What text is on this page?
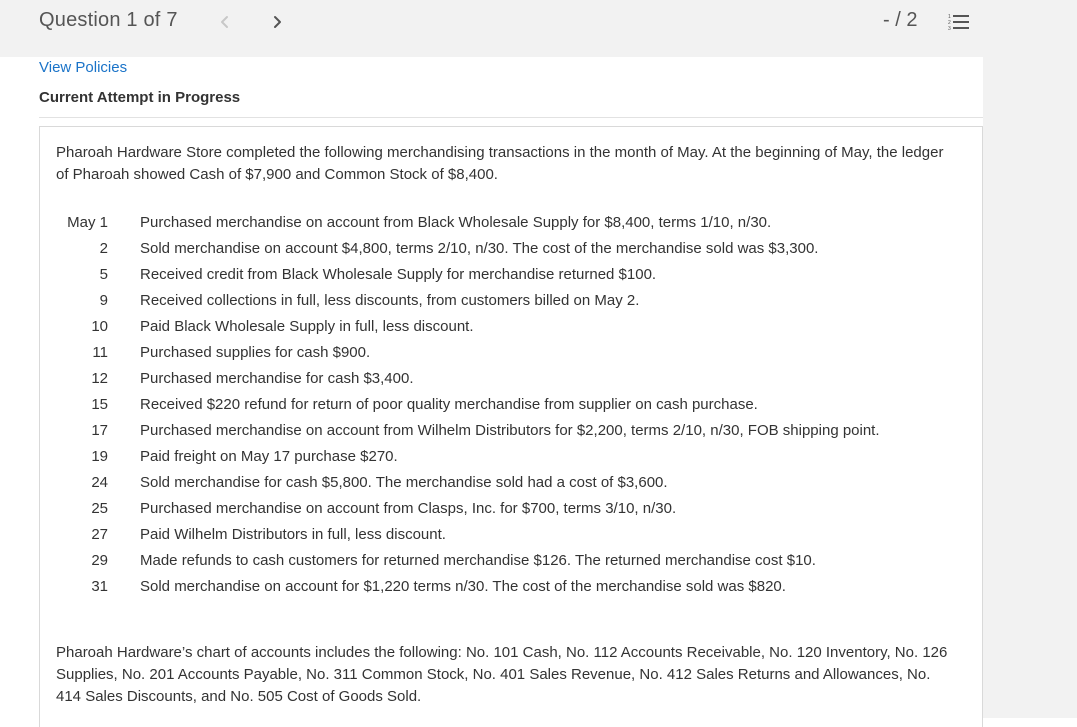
Question 1 of 7	- / 2	1
2
3
View Policies
Current Attempt in Progress
Pharoah Hardware Store completed the following merchandising transactions in the month of May. At the beginning of May, the ledger of Pharoah showed Cash of $7,900 and Common Stock of $8,400.
May 1	Purchased merchandise on account from Black Wholesale Supply for $8,400, terms 1/10, n/30.
2	Sold merchandise on account $4,800, terms 2/10, n/30. The cost of the merchandise sold was $3,300.
5	Received credit from Black Wholesale Supply for merchandise returned $100.
9	Received collections in full, less discounts, from customers billed on May 2.
10	Paid Black Wholesale Supply in full, less discount.
11	Purchased supplies for cash $900.
12	Purchased merchandise for cash $3,400.
15	Received $220 refund for return of poor quality merchandise from supplier on cash purchase.
17	Purchased merchandise on account from Wilhelm Distributors for $2,200, terms 2/10, n/30, FOB shipping point.
19	Paid freight on May 17 purchase $270.
24	Sold merchandise for cash $5,800. The merchandise sold had a cost of $3,600.
25	Purchased merchandise on account from Clasps, Inc. for $700, terms 3/10, n/30.
27	Paid Wilhelm Distributors in full, less discount.
29	Made refunds to cash customers for returned merchandise $126. The returned merchandise cost $10.
31	Sold merchandise on account for $1,220 terms n/30. The cost of the merchandise sold was $820.
Pharoah Hardware’s chart of accounts includes the following: No. 101 Cash, No. 112 Accounts Receivable, No. 120 Inventory, No. 126 Supplies, No. 201 Accounts Payable, No. 311 Common Stock, No. 401 Sales Revenue, No. 412 Sales Returns and Allowances, No. 414 Sales Discounts, and No. 505 Cost of Goods Sold.
